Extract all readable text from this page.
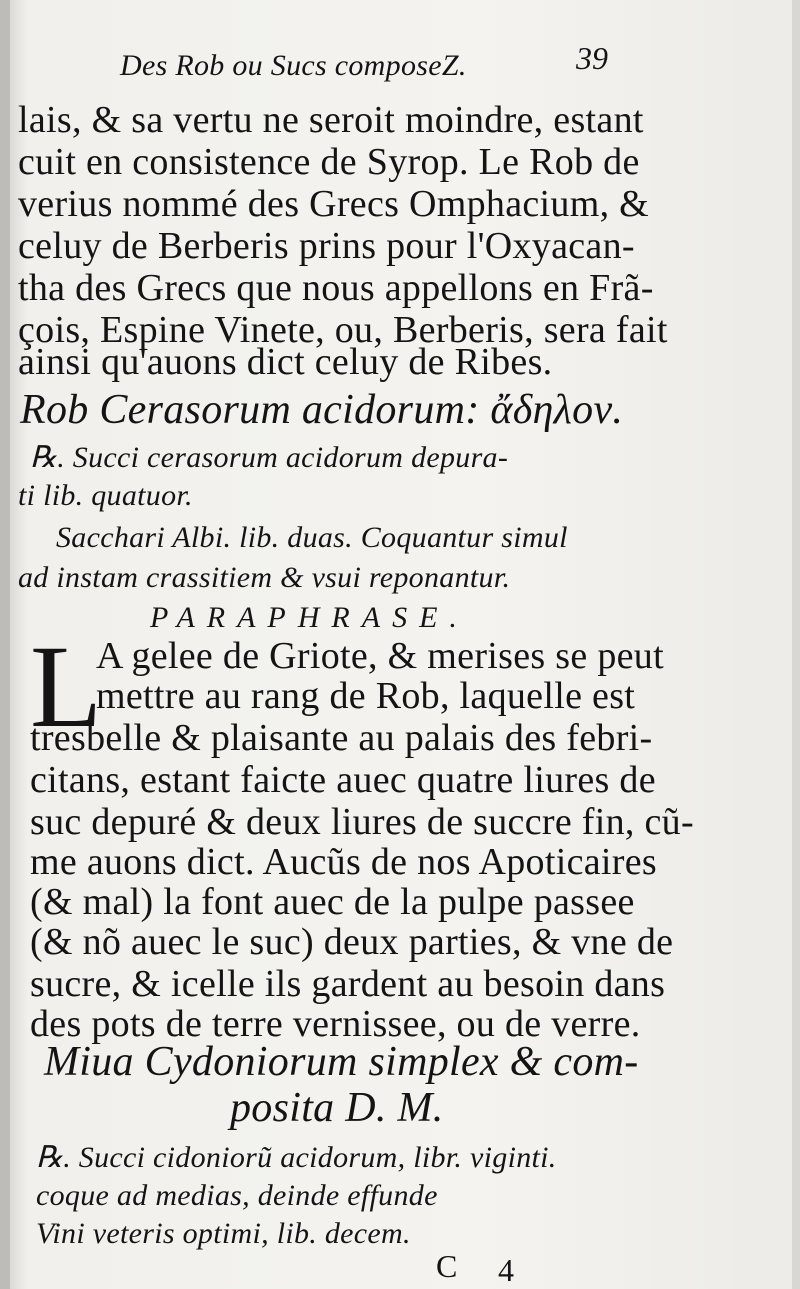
Des Rob ou Sucs composeZ.	39
lais, & sa vertu ne seroit moindre, estant
cuit en consistence de Syrop. Le Rob de
verius nommé des Grecs Omphacium, &
celuy de Berberis prins pour l'Oxyacan-
tha des Grecs que nous appellons en Frã-
çois, Espine Vinete, ou, Berberis, sera fait
ainsi qu'auons dict celuy de Ribes.
Rob Cerasorum acidorum: ἄδηλον.
℞. Succi cerasorum acidorum depura-
ti lib. quatuor.
Sacchari Albi. lib. duas. Coquantur simul
ad instam crassitiem & vsui reponantur.
PARAPHRASE.
L
A gelee de Griote, & merises se peut
mettre au rang de Rob, laquelle est
tresbelle & plaisante au palais des febri-
citans, estant faicte auec quatre liures de
suc depuré & deux liures de succre fin, cũ-
me auons dict. Aucũs de nos Apoticaires
(& mal) la font auec de la pulpe passee
(& nõ auec le suc) deux parties, & vne de
sucre, & icelle ils gardent au besoin dans
des pots de terre vernissee, ou de verre.
Miua Cydoniorum simplex & com-
posita D. M.
℞. Succi cidoniorũ acidorum, libr. viginti.
coque ad medias, deinde effunde
Vini veteris optimi, lib. decem.
C 4
